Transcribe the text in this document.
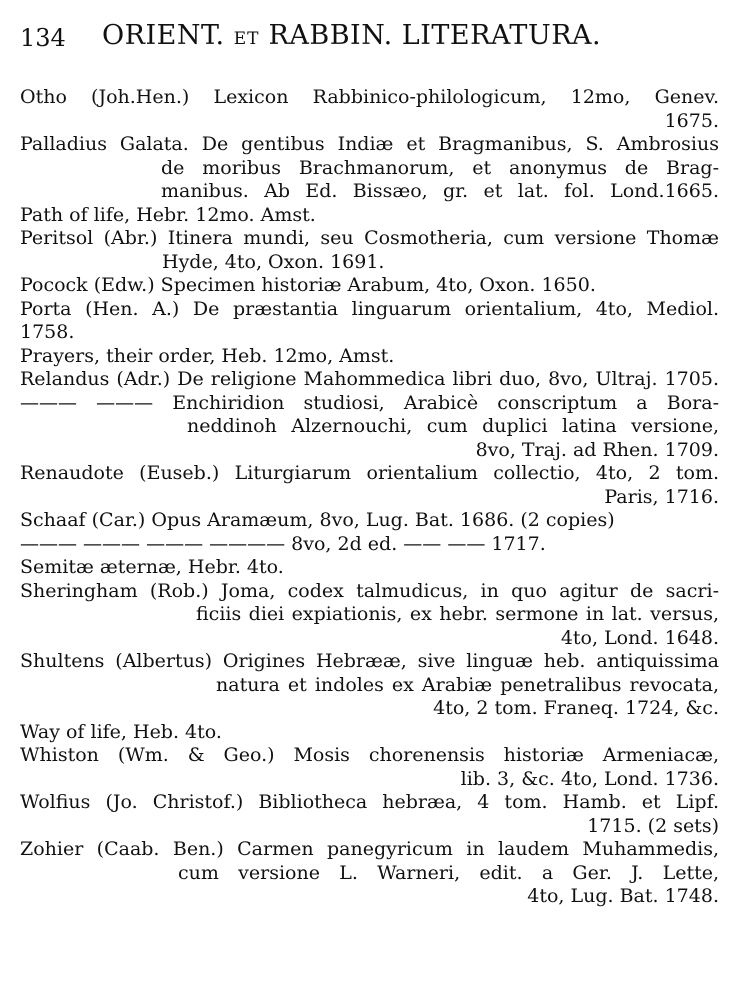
134 ORIENT. ET RABBIN. LITERATURA.
Otho (Joh.Hen.) Lexicon Rabbinico-philologicum, 12mo, Genev.
1675.
Palladius Galata. De gentibus Indiæ et Bragmanibus, S. Ambrosius
de moribus Brachmanorum, et anonymus de Brag-
manibus. Ab Ed. Bissæo, gr. et lat. fol. Lond.1665.
Path of life, Hebr. 12mo. Amst.
Peritsol (Abr.) Itinera mundi, seu Cosmotheria, cum versione Thomæ
Hyde, 4to, Oxon. 1691.
Pocock (Edw.) Specimen historiæ Arabum, 4to, Oxon. 1650.
Porta (Hen. A.) De præstantia linguarum orientalium, 4to, Mediol. 1758.
Prayers, their order, Heb. 12mo, Amst.
Relandus (Adr.) De religione Mahommedica libri duo, 8vo, Ultraj. 1705.
——— ——— Enchiridion studiosi, Arabicè conscriptum a Bora-
neddinoh Alzernouchi, cum duplici latina versione,
8vo, Traj. ad Rhen. 1709.
Renaudote (Euseb.) Liturgiarum orientalium collectio, 4to, 2 tom.
Paris, 1716.
Schaaf (Car.) Opus Aramæum, 8vo, Lug. Bat. 1686. (2 copies)
——— ——— ——— ———— 8vo, 2d ed. —— —— 1717.
Semitæ æternæ, Hebr. 4to.
Sheringham (Rob.) Joma, codex talmudicus, in quo agitur de sacri-
ficiis diei expiationis, ex hebr. sermone in lat. versus,
4to, Lond. 1648.
Shultens (Albertus) Origines Hebrææ, sive linguæ heb. antiquissima
natura et indoles ex Arabiæ penetralibus revocata,
4to, 2 tom. Franeq. 1724, &c.
Way of life, Heb. 4to.
Whiston (Wm. & Geo.) Mosis chorenensis historiæ Armeniacæ,
lib. 3, &c. 4to, Lond. 1736.
Wolfius (Jo. Christof.) Bibliotheca hebræa, 4 tom. Hamb. et Lipf.
1715. (2 sets)
Zohier (Caab. Ben.) Carmen panegyricum in laudem Muhammedis,
cum versione L. Warneri, edit. a Ger. J. Lette,
4to, Lug. Bat. 1748.
